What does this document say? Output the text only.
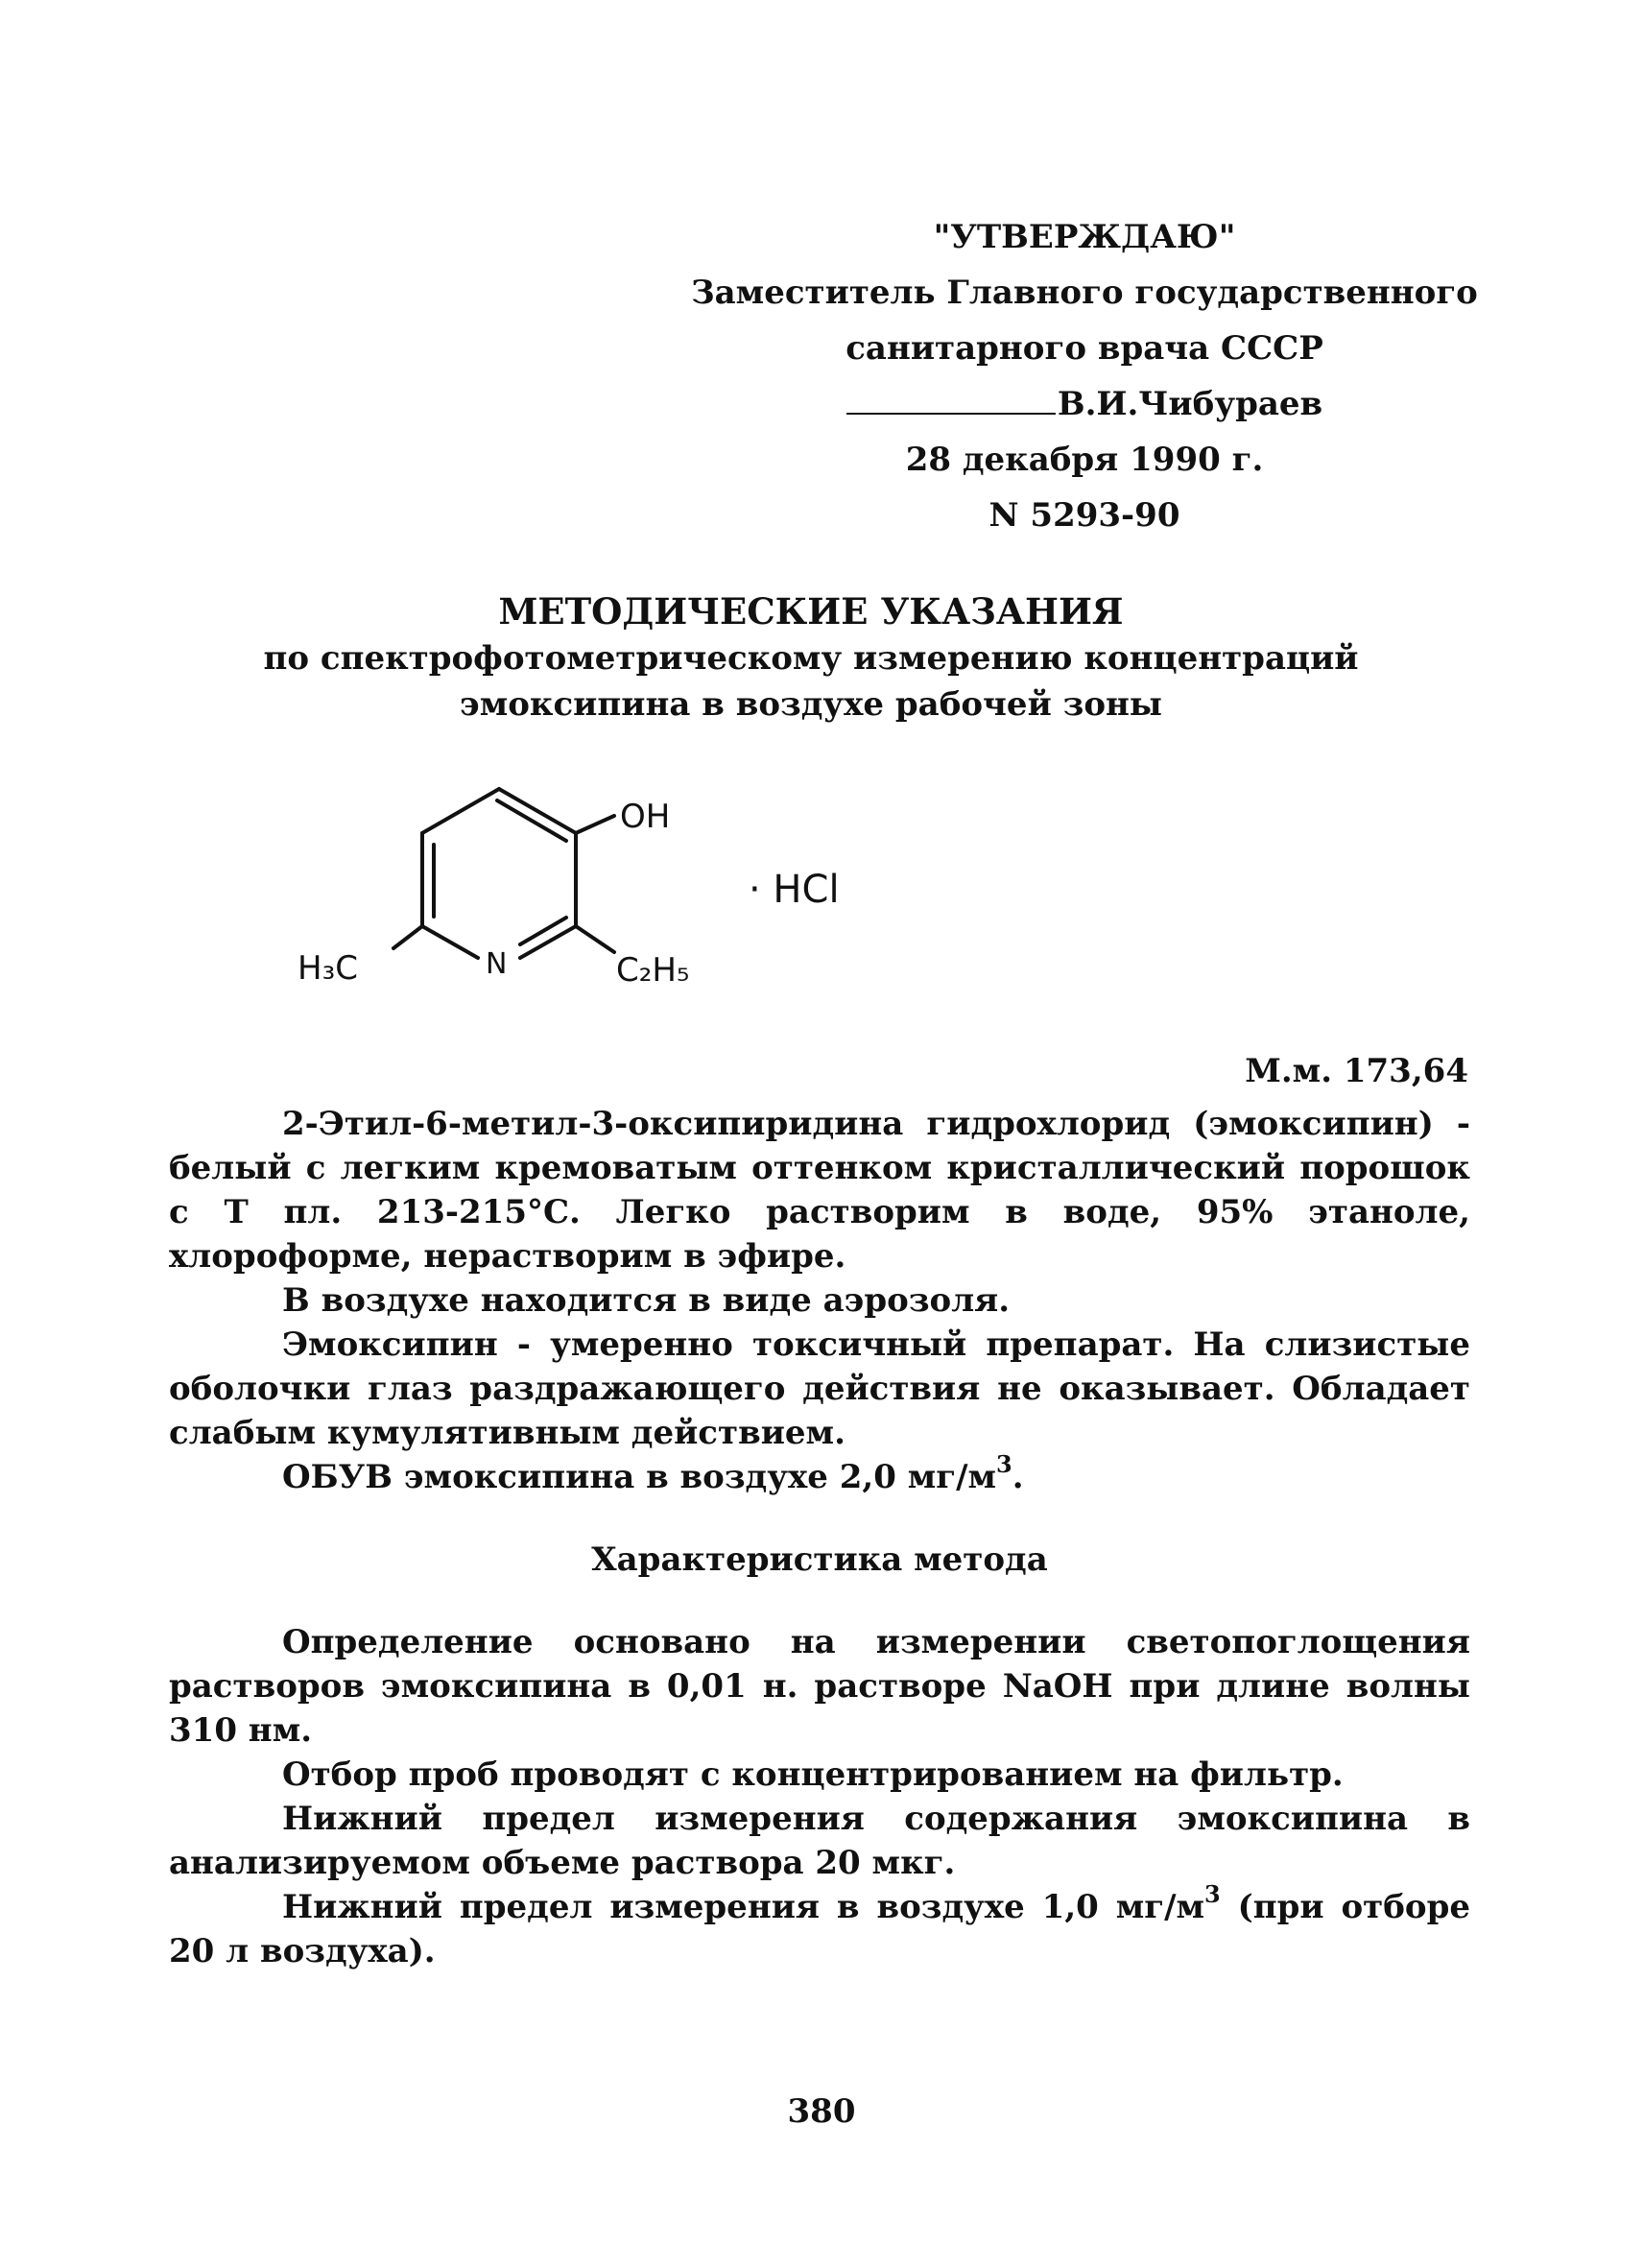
"УТВЕРЖДАЮ"
Заместитель Главного государственного
санитарного врача СССР
В.И.Чибураев
28 декабря 1990 г.
N 5293-90
МЕТОДИЧЕСКИЕ УКАЗАНИЯ
по спектрофотометрическому измерению концентраций
эмоксипина в воздухе рабочей зоны
OH
H₃C	N	C₂H₅
· HCl
М.м. 173,64

2-Этил-6-метил-3-оксипиридина гидрохлорид (эмоксипин) - белый с легким кремоватым оттенком кристаллический порошок с Т пл. 213-215°С. Легко растворим в воде, 95% этаноле, хлороформе, нерастворим в эфире.

В воздухе находится в виде аэрозоля.

Эмоксипин - умеренно токсичный препарат. На слизистые оболочки глаз раздражающего действия не оказывает. Обладает слабым кумулятивным действием.

ОБУВ эмоксипина в воздухе 2,0 $мг/м^3$.

Характеристика метода

Определение основано на измерении светопоглощения растворов эмоксипина в 0,01 н. растворе NaOH при длине волны 310 нм.

Отбор проб проводят с концентрированием на фильтр.

Нижний предел измерения содержания эмоксипина в анализируемом объеме раствора 20 мкг.

Нижний предел измерения в воздухе 1,0 $мг/м^3$ (при отборе 20 л воздуха).

380
